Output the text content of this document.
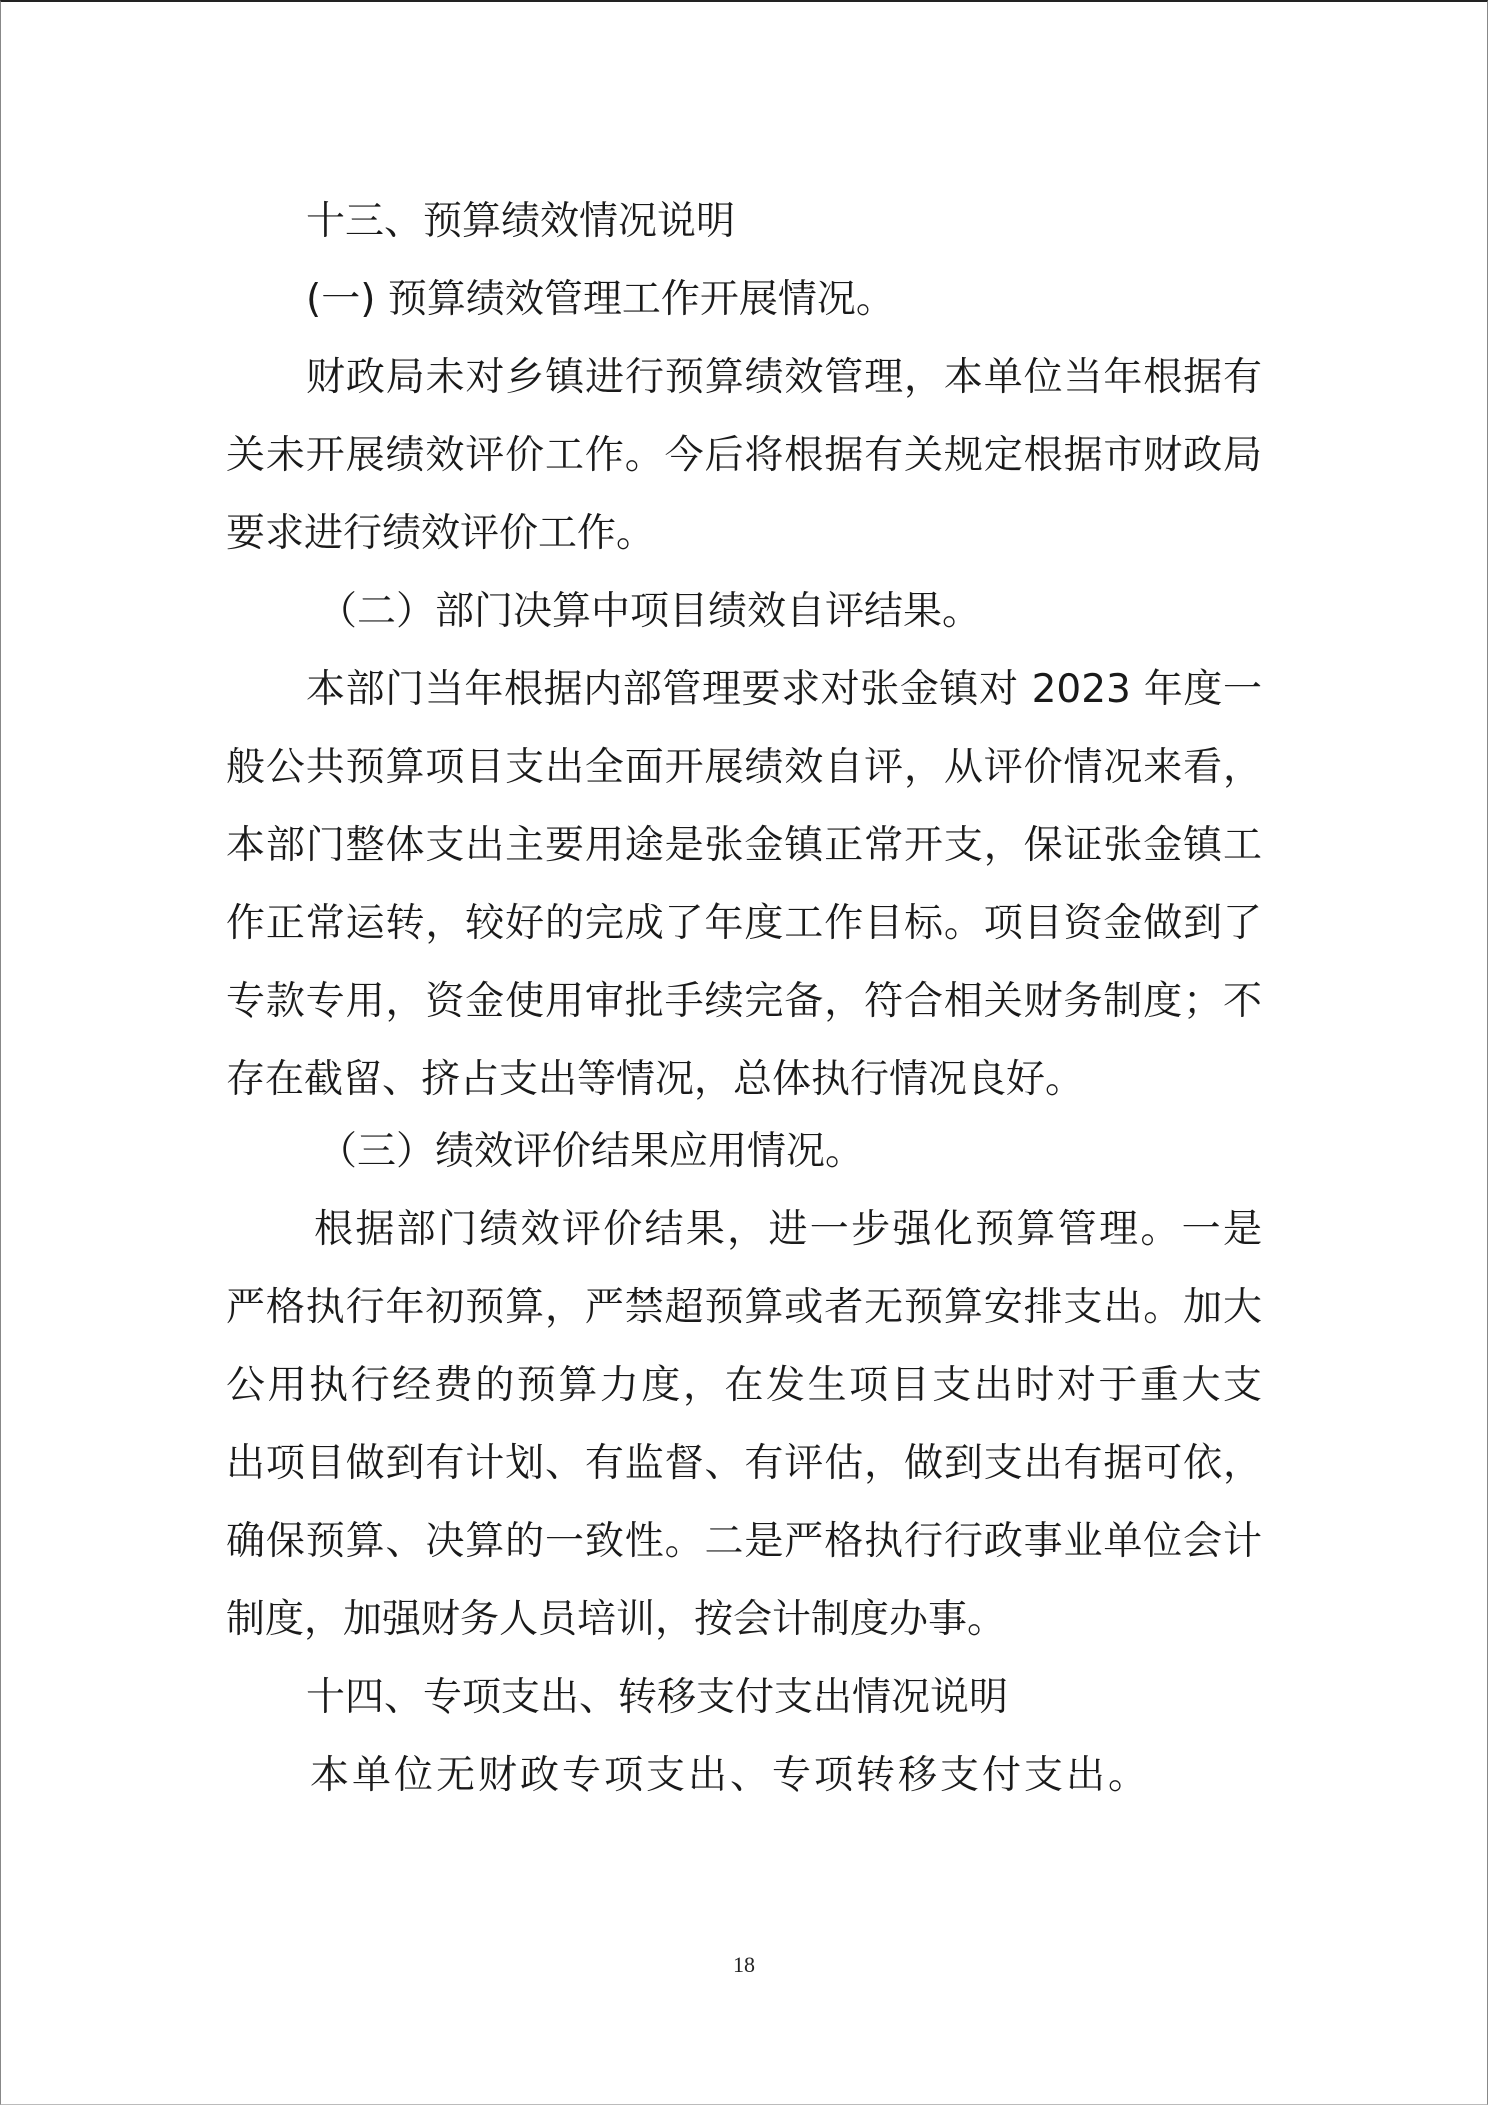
十三、预算绩效情况说明
(一) 预算绩效管理工作开展情况。
财政局未对乡镇进行预算绩效管理，本单位当年根据有
关未开展绩效评价工作。今后将根据有关规定根据市财政局
要求进行绩效评价工作。
（二）部门决算中项目绩效自评结果。
本部门当年根据内部管理要求对张金镇对 2023 年度一
般公共预算项目支出全面开展绩效自评，从评价情况来看，
本部门整体支出主要用途是张金镇正常开支，保证张金镇工
作正常运转，较好的完成了年度工作目标。项目资金做到了
专款专用，资金使用审批手续完备，符合相关财务制度；不
存在截留、挤占支出等情况，总体执行情况良好。
（三）绩效评价结果应用情况。
根据部门绩效评价结果，进一步强化预算管理。一是
严格执行年初预算，严禁超预算或者无预算安排支出。加大
公用执行经费的预算力度，在发生项目支出时对于重大支
出项目做到有计划、有监督、有评估，做到支出有据可依，
确保预算、决算的一致性。二是严格执行行政事业单位会计
制度，加强财务人员培训，按会计制度办事。
十四、专项支出、转移支付支出情况说明
本单位无财政专项支出、专项转移支付支出。
18
